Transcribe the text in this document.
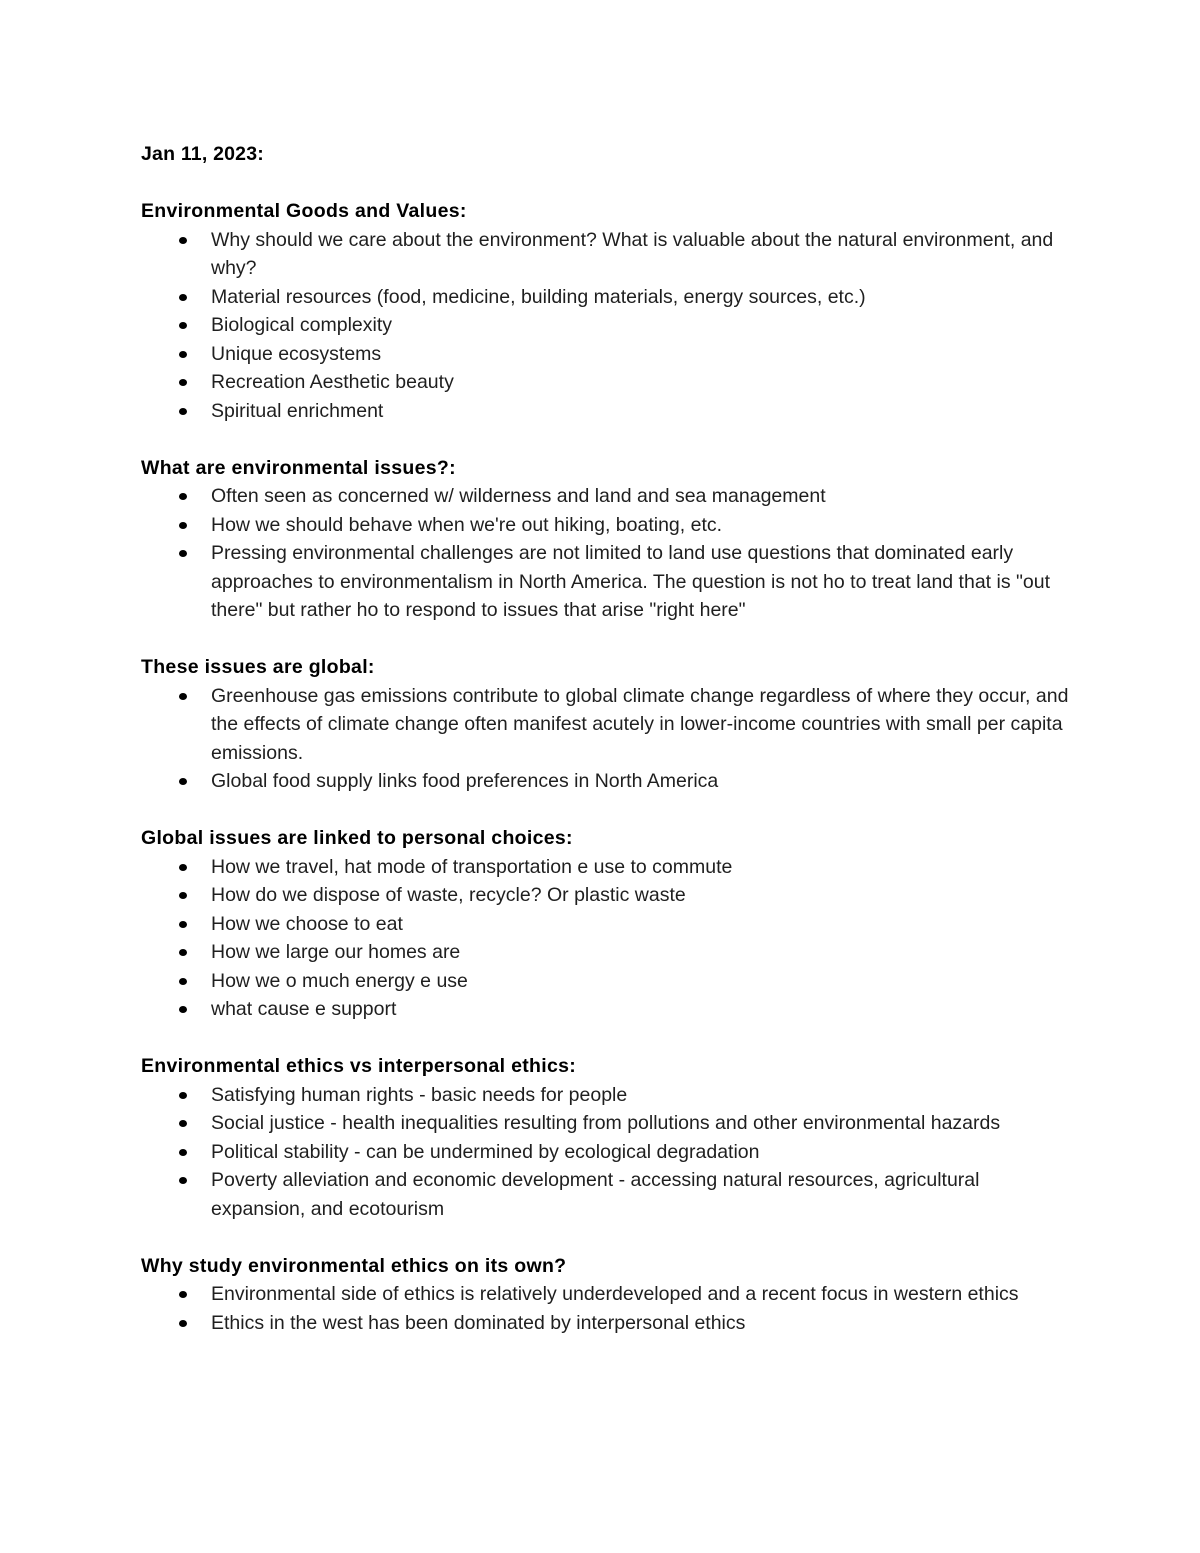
Jan 11, 2023:

Environmental Goods and Values:

Why should we care about the environment? What is valuable about the natural environment, and why?
Material resources (food, medicine, building materials, energy sources, etc.)
Biological complexity
Unique ecosystems
Recreation Aesthetic beauty
Spiritual enrichment

What are environmental issues?:

Often seen as concerned w/ wilderness and land and sea management
How we should behave when we're out hiking, boating, etc.
Pressing environmental challenges are not limited to land use questions that dominated early approaches to environmentalism in North America. The question is not ho to treat land that is "out there" but rather ho to respond to issues that arise "right here"

These issues are global:

Greenhouse gas emissions contribute to global climate change regardless of where they occur, and the effects of climate change often manifest acutely in lower-income countries with small per capita emissions.
Global food supply links food preferences in North America

Global issues are linked to personal choices:

How we travel, hat mode of transportation e use to commute
How do we dispose of waste, recycle? Or plastic waste
How we choose to eat
How we large our homes are
How we o much energy e use
what cause e support

Environmental ethics vs interpersonal ethics:

Satisfying human rights - basic needs for people
Social justice - health inequalities resulting from pollutions and other environmental hazards
Political stability - can be undermined by ecological degradation
Poverty alleviation and economic development - accessing natural resources, agricultural expansion, and ecotourism

Why study environmental ethics on its own?

Environmental side of ethics is relatively underdeveloped and a recent focus in western ethics
Ethics in the west has been dominated by interpersonal ethics
